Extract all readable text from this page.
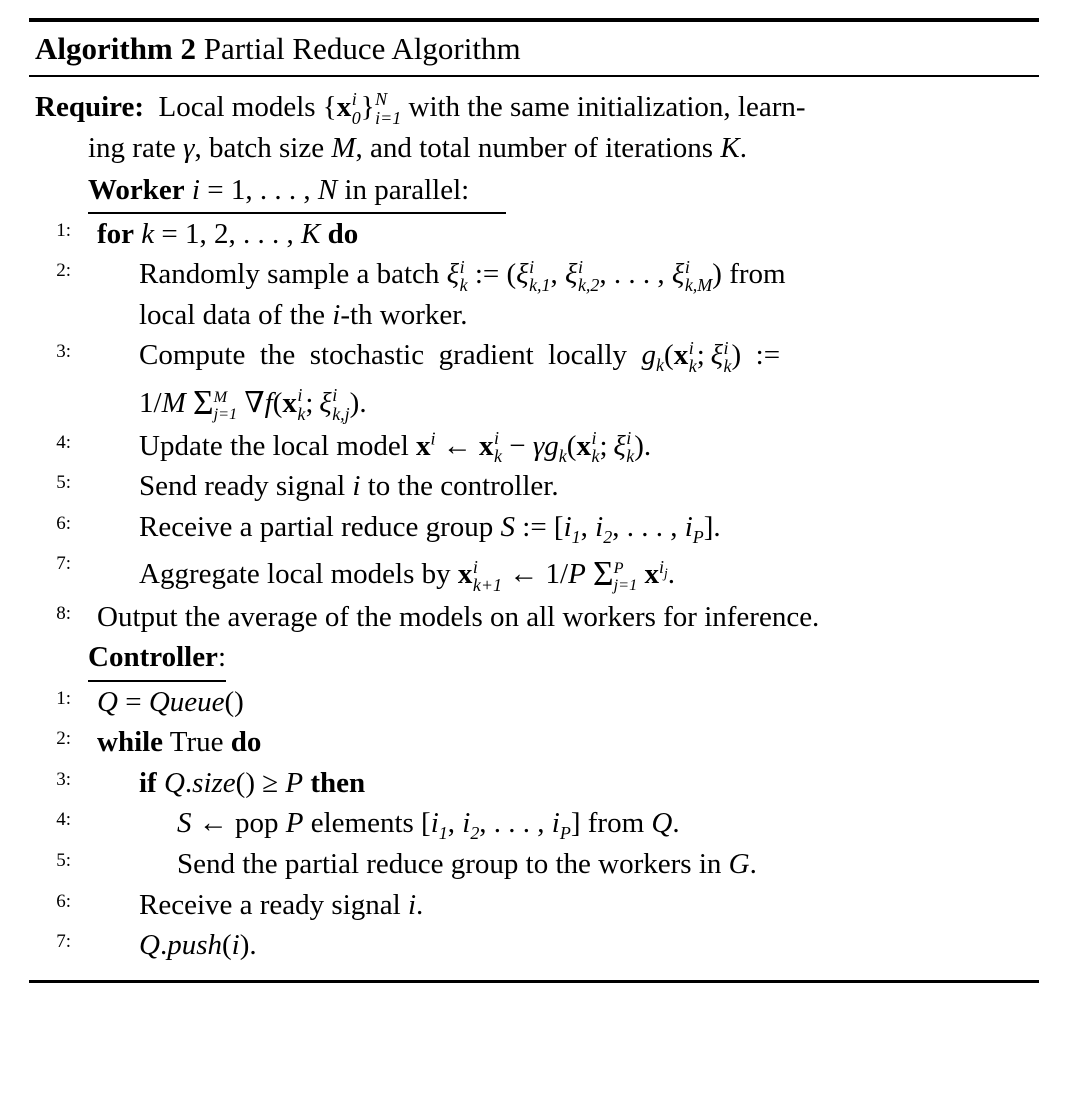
Algorithm 2 Partial Reduce Algorithm
Require: Local models {x i
0 } N
i=1 with the same initialization, learn-
ing rate γ, batch size M, and total number of iterations K.
Worker i = 1, . . . , N in parallel:
1 : for k = 1, 2, . . . , K do
2 :	Randomly sample a batch ξ i
k := (ξ i
k,1 , ξ i
k,2 , . . . , ξ i
k,M ) from
local data of the i-th worker.
3 :	Compute  the  stochastic  gradient  locally  $g_k(x$ i
k ; ξ i
k )  :=
1/M Σ M
j=1 ∇f(x i
k ; ξ i
k,j ).
4 :	Update the local model $x^i$ ← x i
$k - \gamma g_k(x$ i
k ; ξ i
k ).
5 :	Send ready signal i to the controller.
6 :	Receive a partial reduce group S := [$i_1$, $i_2$, . . . , $i_P$].
7 :	Aggregate local models by x i
k+1 ← 1/P Σ P
j=1 $x^{i_j}$.
8 : Output the average of the models on all workers for inference.
Controller:
1 : Q = Queue()
2 : while True do
3 :	if Q.size() ≥ P then
4 :	S ← pop P elements [$i_1$, $i_2$, . . . , $i_P$] from Q.
5 :	Send the partial reduce group to the workers in G.
6 :	Receive a ready signal i.
7 :	Q.push(i).
